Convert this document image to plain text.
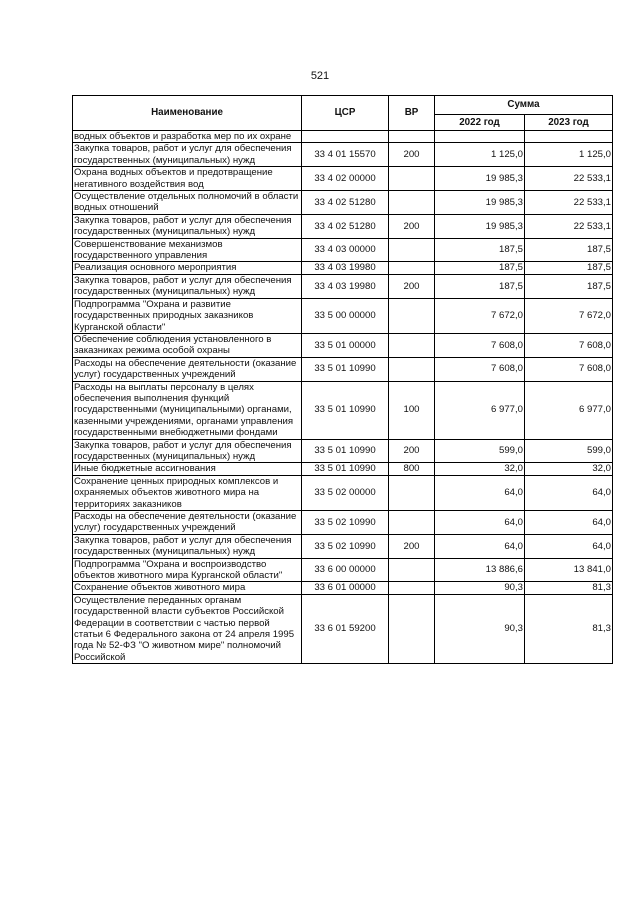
521
Наименование	ЦСР	ВР	Сумма	
			2022 год	2023 год
водных объектов и разработка мер по их охране				
Закупка товаров, работ и услуг для обеспечения государственных (муниципальных) нужд	33 4 01 15570	200	1 125,0	1 125,0
Охрана водных объектов и предотвращение негативного воздействия вод	33 4 02 00000		19 985,3	22 533,1
Осуществление отдельных полномочий в области водных отношений	33 4 02 51280		19 985,3	22 533,1
Закупка товаров, работ и услуг для обеспечения государственных (муниципальных) нужд	33 4 02 51280	200	19 985,3	22 533,1
Совершенствование механизмов государственного управления	33 4 03 00000		187,5	187,5
Реализация основного мероприятия	33 4 03 19980		187,5	187,5
Закупка товаров, работ и услуг для обеспечения государственных (муниципальных) нужд	33 4 03 19980	200	187,5	187,5
Подпрограмма "Охрана и развитие государственных природных заказников Курганской области"	33 5 00 00000		7 672,0	7 672,0
Обеспечение соблюдения установленного в заказниках режима особой охраны	33 5 01 00000		7 608,0	7 608,0
Расходы на обеспечение деятельности (оказание услуг) государственных учреждений	33 5 01 10990		7 608,0	7 608,0
Расходы на выплаты персоналу в целях обеспечения выполнения функций государственными (муниципальными) органами, казенными учреждениями, органами управления государственными внебюджетными фондами	33 5 01 10990	100	6 977,0	6 977,0
Закупка товаров, работ и услуг для обеспечения государственных (муниципальных) нужд	33 5 01 10990	200	599,0	599,0
Иные бюджетные ассигнования	33 5 01 10990	800	32,0	32,0
Сохранение ценных природных комплексов и охраняемых объектов животного мира на территориях заказников	33 5 02 00000		64,0	64,0
Расходы на обеспечение деятельности (оказание услуг) государственных учреждений	33 5 02 10990		64,0	64,0
Закупка товаров, работ и услуг для обеспечения государственных (муниципальных) нужд	33 5 02 10990	200	64,0	64,0
Подпрограмма "Охрана и воспроизводство объектов животного мира Курганской области"	33 6 00 00000		13 886,6	13 841,0
Сохранение объектов животного мира	33 6 01 00000		90,3	81,3
Осуществление переданных органам государственной власти субъектов Российской Федерации в соответствии с частью первой статьи 6 Федерального закона от 24 апреля 1995 года № 52-ФЗ "О животном мире" полномочий Российской	33 6 01 59200		90,3	81,3
